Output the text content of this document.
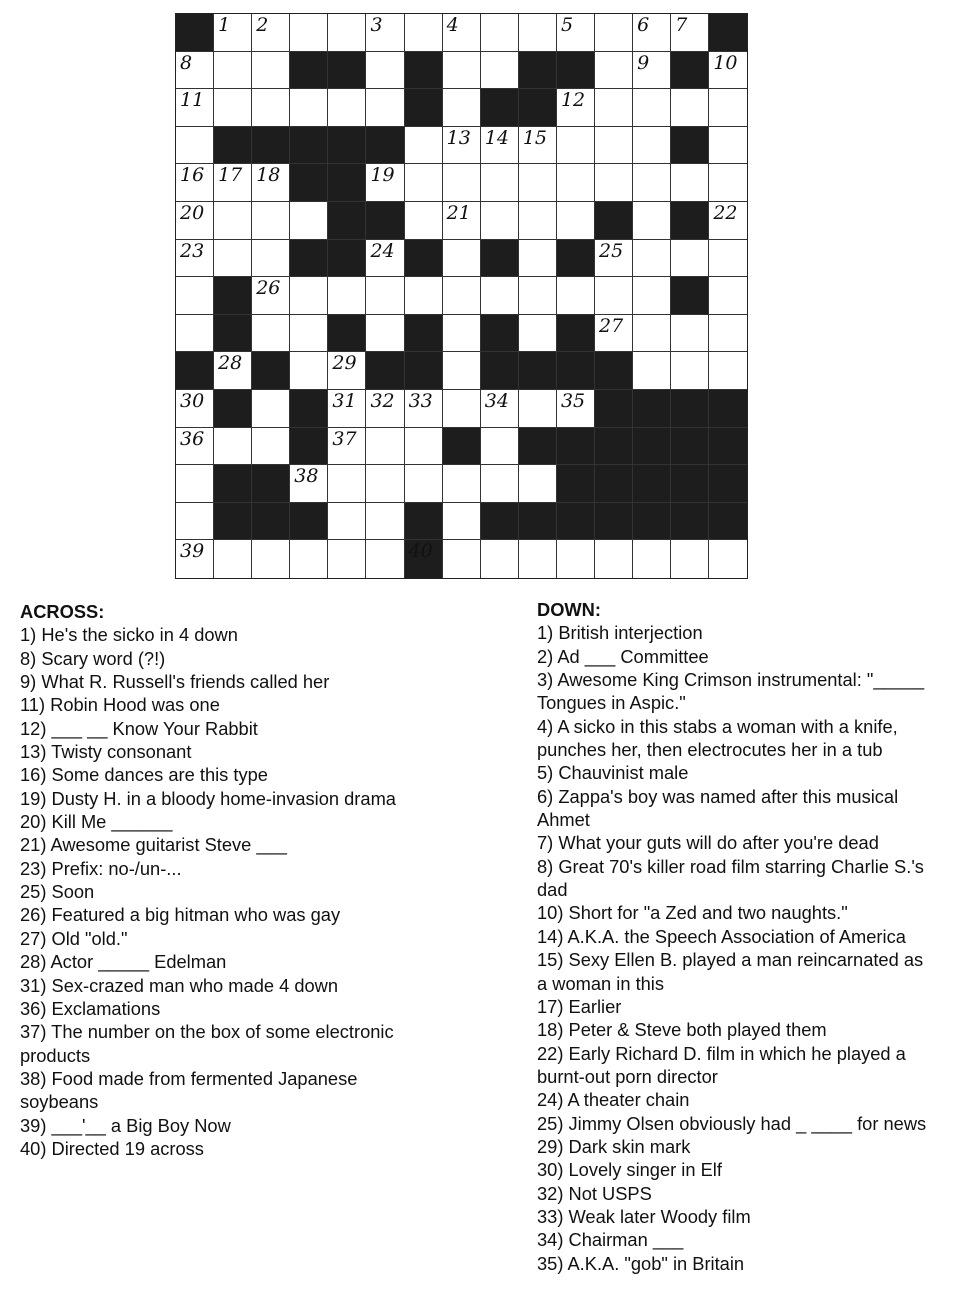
1 2	3	4	5	6 7
8	9	10
11	12
13 14 15
16 17 18	19
20	21	22
23	24	25
26
27
28	29
30	31 32 33	34	35
36	37
38
39	40
ACROSS:
1) He's the sicko in 4 down
8) Scary word (?!)
9) What R. Russell's friends called her
11) Robin Hood was one
12) ___ __ Know Your Rabbit
13) Twisty consonant
16) Some dances are this type
19) Dusty H. in a bloody home-invasion drama
20) Kill Me ______
21) Awesome guitarist Steve ___
23) Prefix: no-/un-...
25) Soon
26) Featured a big hitman who was gay
27) Old "old."
28) Actor _____ Edelman
31) Sex-crazed man who made 4 down
36) Exclamations
37) The number on the box of some electronic
products
38) Food made from fermented Japanese
soybeans
39) ___'__ a Big Boy Now
40) Directed 19 across
DOWN:
1) British interjection
2) Ad ___ Committee
3) Awesome King Crimson instrumental: "_____
Tongues in Aspic."
4) A sicko in this stabs a woman with a knife,
punches her, then electrocutes her in a tub
5) Chauvinist male
6) Zappa's boy was named after this musical
Ahmet
7) What your guts will do after you're dead
8) Great 70's killer road film starring Charlie S.'s
dad
10) Short for "a Zed and two naughts."
14) A.K.A. the Speech Association of America
15) Sexy Ellen B. played a man reincarnated as
a woman in this
17) Earlier
18) Peter & Steve both played them
22) Early Richard D. film in which he played a
burnt-out porn director
24) A theater chain
25) Jimmy Olsen obviously had _ ____ for news
29) Dark skin mark
30) Lovely singer in Elf
32) Not USPS
33) Weak later Woody film
34) Chairman ___
35) A.K.A. "gob" in Britain
